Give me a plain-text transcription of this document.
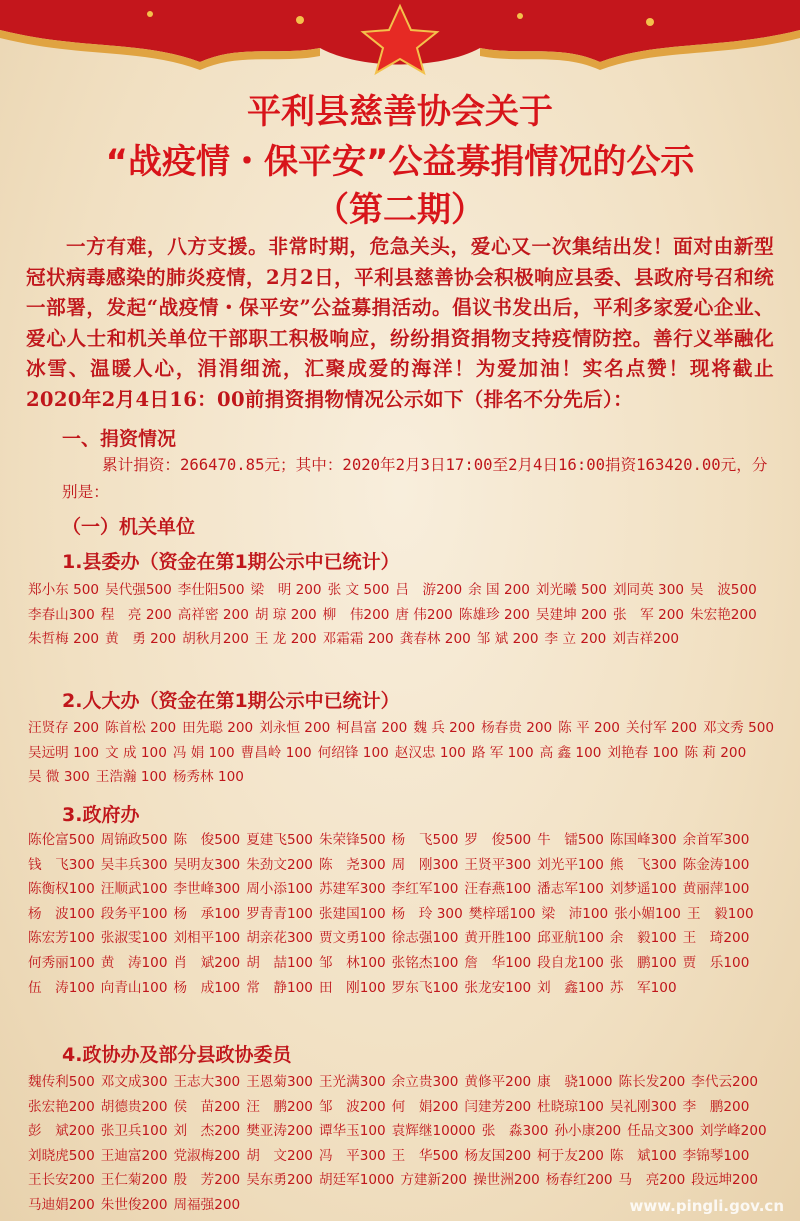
平利县慈善协会关于
“战疫情・保平安”公益募捐情况的公示
（第二期）
一方有难，八方支援。非常时期，危急关头，爱心又一次集结出发！面对由新型冠状病毒感染的肺炎疫情，2月2日，平利县慈善协会积极响应县委、县政府号召和统一部署，发起“战疫情・保平安”公益募捐活动。倡议书发出后，平利多家爱心企业、爱心人士和机关单位干部职工积极响应，纷纷捐资捐物支持疫情防控。善行义举融化冰雪、温暖人心，涓涓细流，汇聚成爱的海洋！为爱加油！实名点赞！现将截止2020年2月4日16：00前捐资捐物情况公示如下（排名不分先后）：
一、捐资情况
累计捐资：266470.85元；其中：2020年2月3日17:00至2月4日16:00捐资163420.00元，分别是：
（一）机关单位
1.县委办（资金在第1期公示中已统计）
郑小东 500 吴代强500 李仕阳500 梁　明 200 张 文 500 吕　游200 余 国 200 刘光曦 500 刘同英 300 吴　波500李春山300 程　亮 200 高祥密 200 胡 琼 200 柳　伟200 唐 伟200 陈雄珍 200 吴建坤 200 张　军 200 朱宏艳200朱哲梅 200 黄　勇 200 胡秋月200 王 龙 200 邓霜霜 200 龚春林 200 邹 斌 200 李 立 200 刘吉祥200
2.人大办（资金在第1期公示中已统计）
汪贤存 200 陈首松 200 田先聪 200 刘永恒 200 柯昌富 200 魏 兵 200 杨春贵 200 陈 平 200 关付军 200 邓文秀 500吴远明 100 文 成 100 冯 娟 100 曹昌岭 100 何绍锋 100 赵汉忠 100 路 军 100 高 鑫 100 刘艳春 100 陈 莉 200吴 微 300 王浩瀚 100 杨秀林 100
3.政府办
陈伦富500 周锦政500 陈　俊500 夏建飞500 朱荣锋500 杨　飞500 罗　俊500 牛　镭500 陈国峰300 余首军300钱　飞300 吴丰兵300 吴明友300 朱劲文200 陈　尧300 周　刚300 王贤平300 刘光平100 熊　飞300 陈金涛100陈衡权100 汪顺武100 李世峰300 周小添100 苏建军300 李红军100 汪春燕100 潘志军100 刘梦遥100 黄丽萍100杨　波100 段务平100 杨　承100 罗青青100 张建国100 杨　玲 300 樊梓瑶100 梁　沛100 张小媚100 王　毅100陈宏芳100 张淑雯100 刘相平100 胡亲花300 贾文勇100 徐志强100 黄开胜100 邱亚航100 余　毅100 王　琦200何秀丽100 黄　涛100 肖　斌200 胡　喆100 邹　林100 张铭杰100 詹　华100 段自龙100 张　鹏100 贾　乐100伍　涛100 向青山100 杨　成100 常　静100 田　刚100 罗东飞100 张龙安100 刘　鑫100 苏　军100
4.政协办及部分县政协委员
魏传利500 邓文成300 王志大300 王恩菊300 王光满300 余立贵300 黄修平200 康　骁1000 陈长发200 李代云200张宏艳200 胡德贵200 侯　苗200 汪　鹏200 邹　波200 何　娟200 闫建芳200 杜晓琼100 吴礼刚300 李　鹏200彭　斌200 张卫兵100 刘　杰200 樊亚涛200 谭华玉100 袁辉继10000 张　淼300 孙小康200 任品文300 刘学峰200刘晓虎500 王迪富200 党淑梅200 胡　文200 冯　平300 王　华500 杨友国200 柯于友200 陈　斌100 李锦琴100王长安200 王仁菊200 殷　芳200 吴东勇200 胡廷军1000 方建新200 操世洲200 杨春红200 马　亮200 段远坤200马迪娟200 朱世俊200 周福强200	www.pingli.gov.cn
